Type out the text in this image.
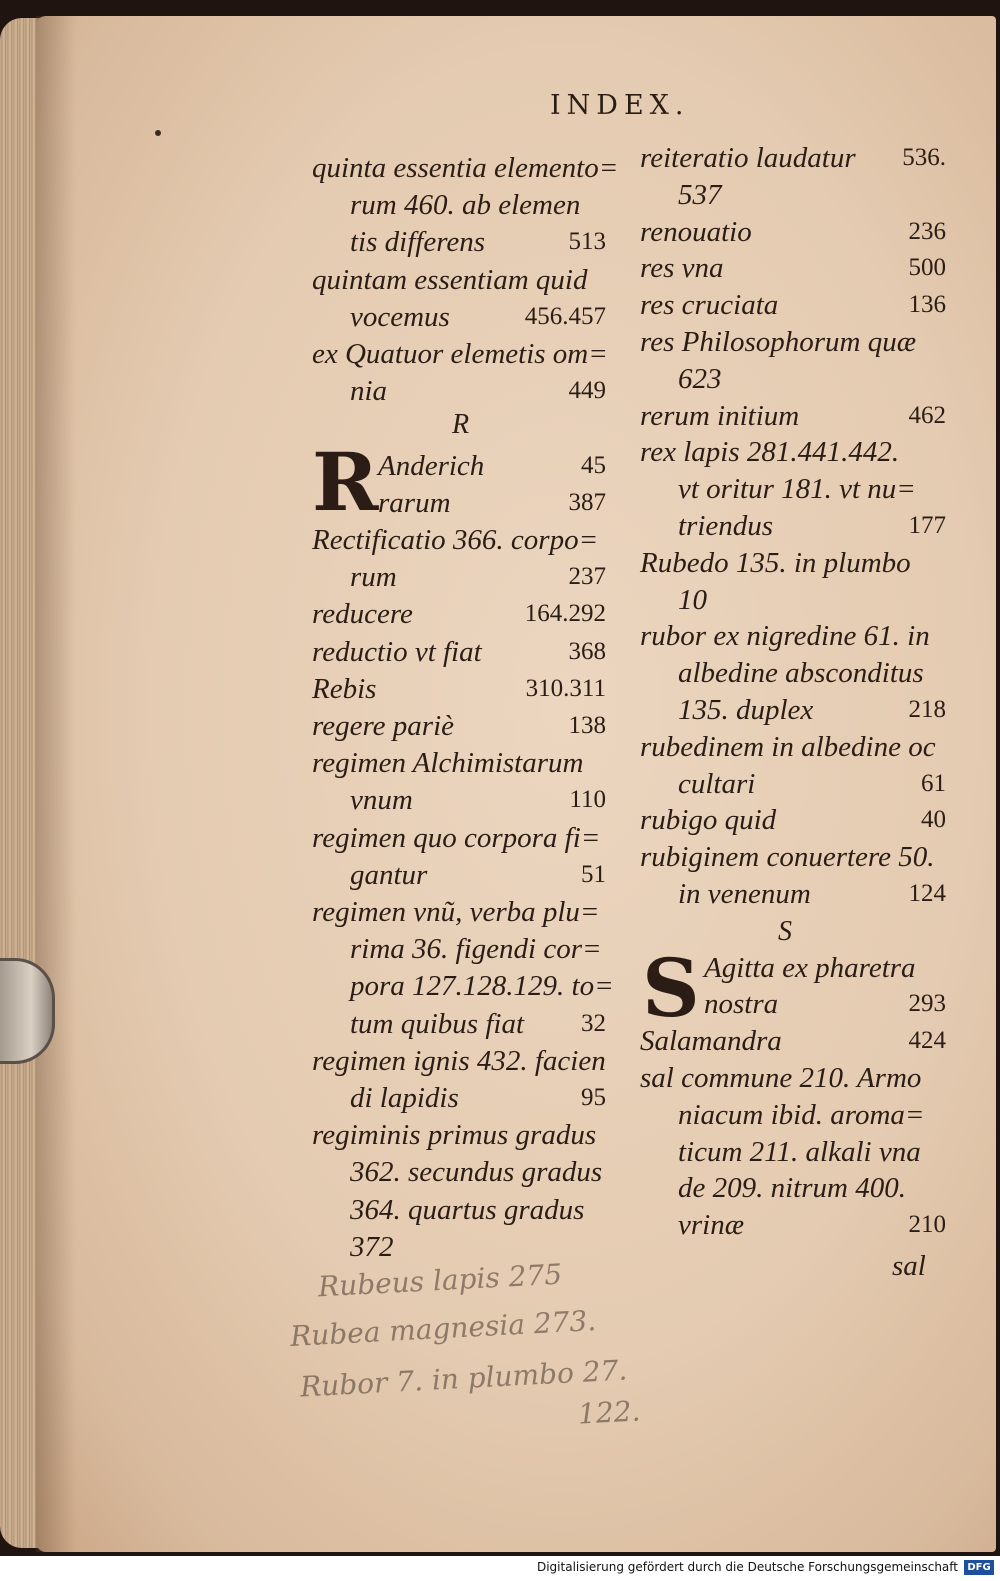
INDEX.
quinta essentia elemento=
rum 460. ab elemen
tis differens	513
quintam essentiam quid
vocemus	456.457
ex Quatuor elemetis om=
nia	449
Anderich	45
rarum	387
Rectificatio 366. corpo=
rum	237
reducere	164.292
reductio vt fiat	368
Rebis	310.311
regere pariè	138
regimen Alchimistarum
vnum	110
regimen quo corpora fi=
gantur	51
regimen vnũ, verba plu=
rima 36. figendi cor=
pora 127.128.129. to=
tum quibus fiat 32
regimen ignis 432. facien
di lapidis	95
regiminis primus gradus
362. secundus gradus
364. quartus gradus
372
reiteratio laudatur 536.
537
renouatio	236
res vna	500
res cruciata	136
res Philosophorum quæ
623
rerum initium	462
rex lapis 281.441.442.
vt oritur 181. vt nu=
triendus	177
Rubedo 135. in plumbo
10
rubor ex nigredine 61. in
albedine absconditus
135. duplex	218
rubedinem in albedine oc
cultari	61
rubigo quid	40
rubiginem conuertere 50.
in venenum	124
Agitta ex pharetra
nostra	293
Salamandra	424
sal commune 210. Armo
niacum ibid. aroma=
ticum 211. alkali vna
de 209. nitrum 400.
vrinæ	210
R
R
S
S
sal
Rubeus lapis 275
Rubea magnesia 273.
Rubor 7. in plumbo 27.
122.
Digitalisierung gefördert durch die Deutsche Forschungsgemeinschaft DFG
